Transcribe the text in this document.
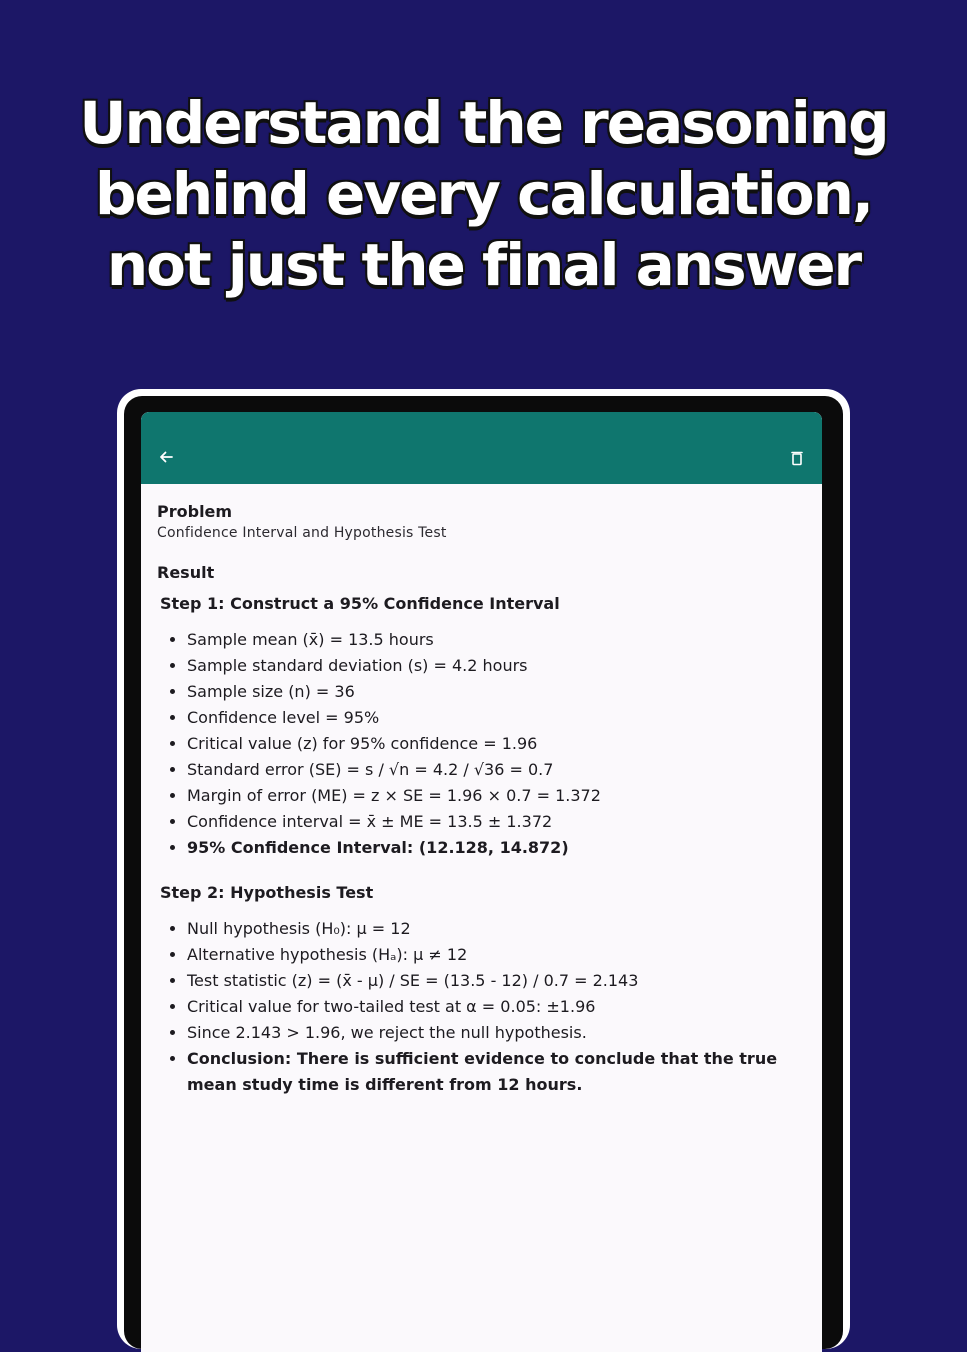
Understand the reasoning
behind every calculation,
not just the final answer
Problem
Confidence Interval and Hypothesis Test
Result
Step 1: Construct a 95% Confidence Interval
• Sample mean (x̄) = 13.5 hours
• Sample standard deviation (s) = 4.2 hours
• Sample size (n) = 36
• Confidence level = 95%
• Critical value (z) for 95% confidence = 1.96
• Standard error (SE) = s / √n = 4.2 / √36 = 0.7
• Margin of error (ME) = z × SE = 1.96 × 0.7 = 1.372
• Confidence interval = x̄ ± ME = 13.5 ± 1.372
• 95% Confidence Interval: (12.128, 14.872)
Step 2: Hypothesis Test
• Null hypothesis (H₀): μ = 12
• Alternative hypothesis (Hₐ): μ ≠ 12
• Test statistic (z) = (x̄ - μ) / SE = (13.5 - 12) / 0.7 = 2.143
• Critical value for two-tailed test at α = 0.05: ±1.96
• Since 2.143 > 1.96, we reject the null hypothesis.
• Conclusion: There is sufficient evidence to conclude that the true mean study time is different from 12 hours.
